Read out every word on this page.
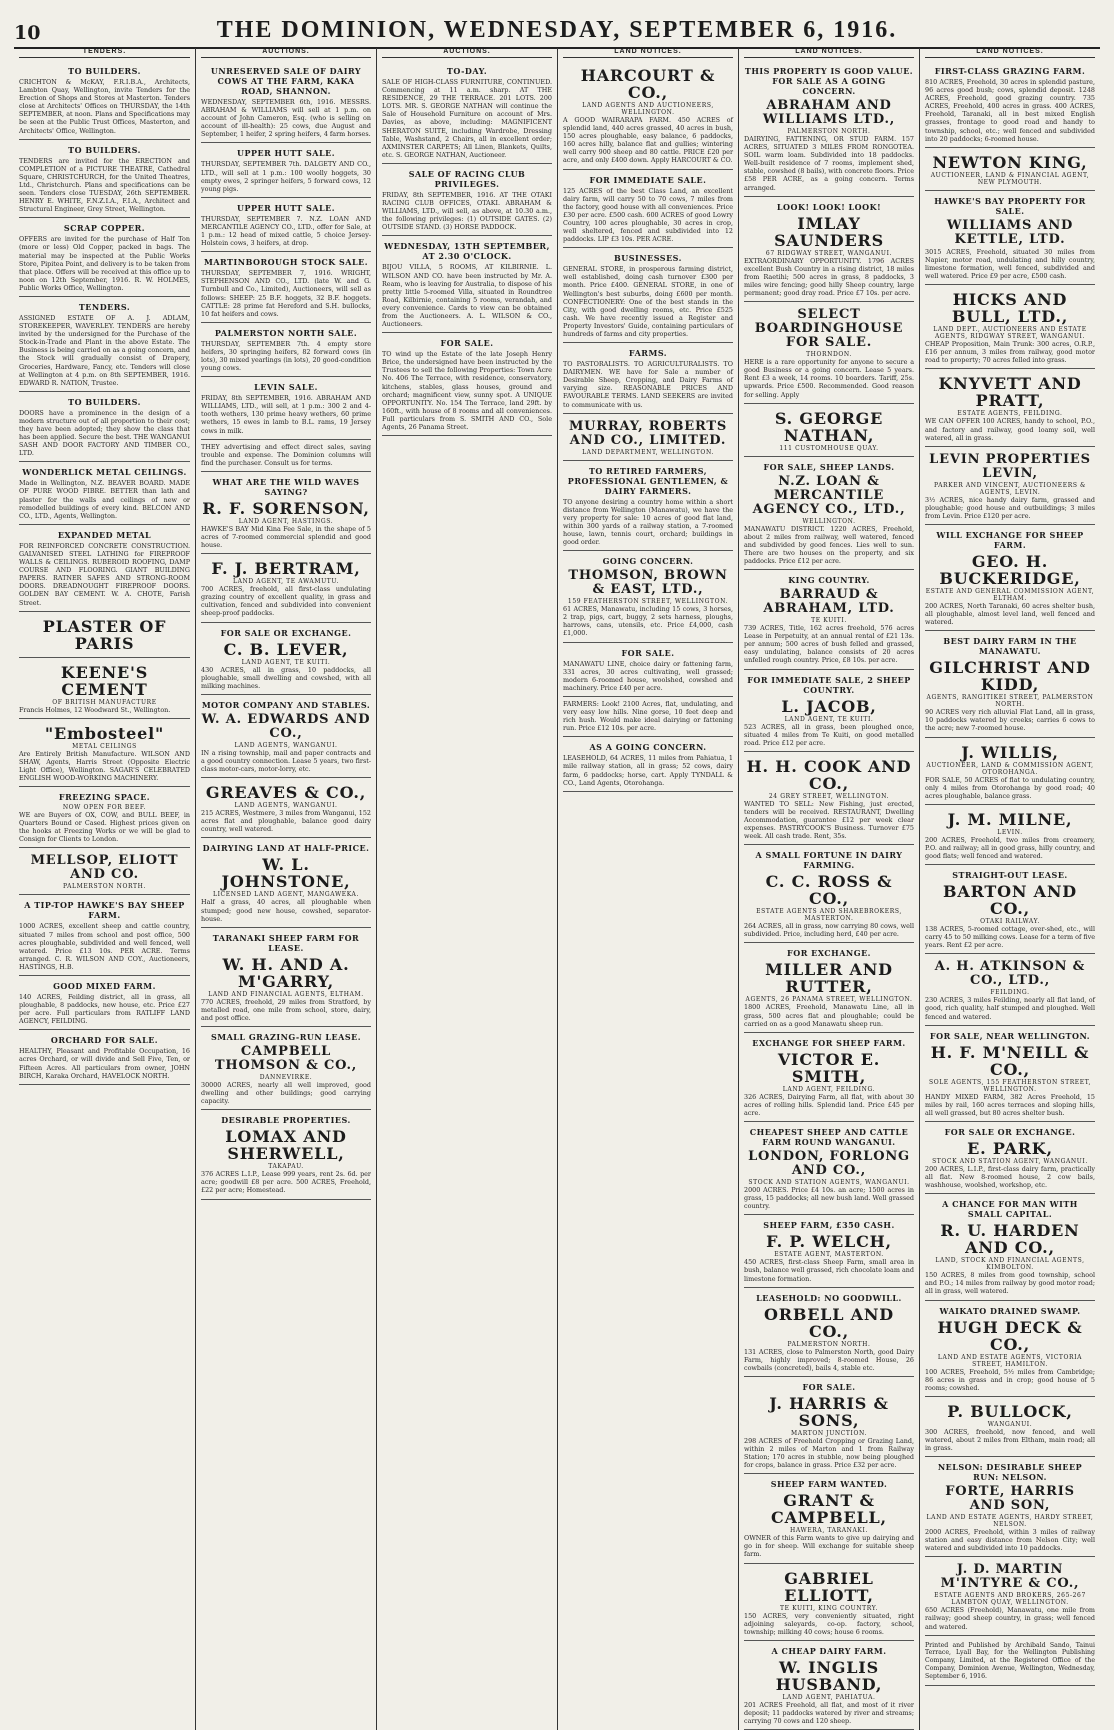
10	THE DOMINION, WEDNESDAY, SEPTEMBER 6, 1916.
TENDERS.
TO BUILDERS.
CRICHTON & McKAY, F.R.I.B.A., Architects, Lambton Quay, Wellington, invite Tenders for the Erection of Shops and Stores at Masterton. Tenders close at Architects' Offices on THURSDAY, the 14th SEPTEMBER, at noon. Plans and Specifications may be seen at the Public Trust Offices, Masterton, and Architects' Office, Wellington.
TO BUILDERS.
TENDERS are invited for the ERECTION and COMPLETION of a PICTURE THEATRE, Cathedral Square, CHRISTCHURCH, for the United Theatres, Ltd., Christchurch. Plans and specifications can be seen. Tenders close TUESDAY, 26th SEPTEMBER. HENRY E. WHITE, F.N.Z.I.A., F.I.A., Architect and Structural Engineer, Grey Street, Wellington.
SCRAP COPPER.
OFFERS are invited for the purchase of Half Ton (more or less) Old Copper, packed in bags. The material may be inspected at the Public Works Store, Pipitea Point, and delivery is to be taken from that place. Offers will be received at this office up to noon on 12th September, 1916. R. W. HOLMES, Public Works Office, Wellington.
TENDERS.
ASSIGNED ESTATE OF A. J. ADLAM, STOREKEEPER, WAVERLEY. TENDERS are hereby invited by the undersigned for the Purchase of the Stock-in-Trade and Plant in the above Estate. The Business is being carried on as a going concern, and the Stock will gradually consist of Drapery, Groceries, Hardware, Fancy, etc. Tenders will close at Wellington at 4 p.m. on 8th SEPTEMBER, 1916. EDWARD R. NATION, Trustee.
TO BUILDERS.
DOORS have a prominence in the design of a modern structure out of all proportion to their cost; they have been adopted; they show the class that has been applied. Secure the best. THE WANGANUI SASH AND DOOR FACTORY AND TIMBER CO., LTD.
WONDERLICK METAL CEILINGS.
Made in Wellington, N.Z. BEAVER BOARD. MADE OF PURE WOOD FIBRE. BETTER than lath and plaster for the walls and ceilings of new or remodelled buildings of every kind. BELCON AND CO., LTD., Agents, Wellington.
EXPANDED METAL
FOR REINFORCED CONCRETE CONSTRUCTION. GALVANISED STEEL LATHING for FIREPROOF WALLS & CEILINGS. RUBEROID ROOFING, DAMP COURSE AND FLOORING. GIANT BUILDING PAPERS. RATNER SAFES AND STRONG-ROOM DOORS. DREADNOUGHT FIREPROOF DOORS. GOLDEN BAY CEMENT. W. A. CHOTE, Farish Street.
PLASTER OF PARIS
KEENE'S CEMENT
OF BRITISH MANUFACTURE
Francis Holmes, 12 Woodward St., Wellington.
"Embosteel"
METAL CEILINGS
Are Entirely British Manufacture. WILSON AND SHAW, Agents, Harris Street (Opposite Electric Light Office), Wellington. SAGAR'S CELEBRATED ENGLISH WOOD-WORKING MACHINERY.
FREEZING SPACE.
NOW OPEN FOR BEEF.
WE are Buyers of OX, COW, and BULL BEEF, in Quarters Bound or Cased. Highest prices given on the hooks at Freezing Works or we will be glad to Consign for Clients to London.
MELLSOP, ELIOTT AND CO.
PALMERSTON NORTH.
A TIP-TOP HAWKE'S BAY SHEEP FARM.
1000 ACRES, excellent sheep and cattle country, situated 7 miles from school and post office, 500 acres ploughable, subdivided and well fenced, well watered. Price £13 10s. PER ACRE. Terms arranged. C. R. WILSON AND COY., Auctioneers, HASTINGS, H.B.
GOOD MIXED FARM.
140 ACRES, Feilding district, all in grass, all ploughable, 8 paddocks, new house, etc. Price £27 per acre. Full particulars from RATLIFF LAND AGENCY, FEILDING.
ORCHARD FOR SALE.
HEALTHY, Pleasant and Profitable Occupation, 16 acres Orchard, or will divide and Sell Five, Ten, or Fifteen Acres. All particulars from owner, JOHN BIRCH, Karaka Orchard, HAVELOCK NORTH.
AUCTIONS.
UNRESERVED SALE OF DAIRY COWS AT THE FARM, KAKA ROAD, SHANNON.
WEDNESDAY, SEPTEMBER 6th, 1916. MESSRS. ABRAHAM & WILLIAMS will sell at 1 p.m. on account of John Cameron, Esq. (who is selling on account of ill-health): 25 cows, due August and September, 1 heifer, 2 spring heifers, 4 farm horses.
UPPER HUTT SALE.
THURSDAY, SEPTEMBER 7th. DALGETY AND CO., LTD., will sell at 1 p.m.: 100 woolly hoggets, 30 empty ewes, 2 springer heifers, 5 forward cows, 12 young pigs.
UPPER HUTT SALE.
THURSDAY, SEPTEMBER 7. N.Z. LOAN AND MERCANTILE AGENCY CO., LTD., offer for Sale, at 1 p.m.: 12 head of mixed cattle, 5 choice Jersey-Holstein cows, 3 heifers, at drop.
MARTINBOROUGH STOCK SALE.
THURSDAY, SEPTEMBER 7, 1916. WRIGHT, STEPHENSON AND CO., LTD. (late W. and G. Turnbull and Co., Limited), Auctioneers, will sell as follows: SHEEP: 25 B.F. hoggets, 32 B.F. hoggets. CATTLE: 28 prime fat Hereford and S.H. bullocks, 10 fat heifers and cows.
PALMERSTON NORTH SALE.
THURSDAY, SEPTEMBER 7th. 4 empty store heifers, 30 springing heifers, 82 forward cows (in lots), 30 mixed yearlings (in lots), 20 good-condition young cows.
LEVIN SALE.
FRIDAY, 8th SEPTEMBER, 1916. ABRAHAM AND WILLIAMS, LTD., will sell, at 1 p.m.: 300 2 and 4-tooth wethers, 130 prime heavy wethers, 60 prime wethers, 15 ewes in lamb to B.L. rams, 19 Jersey cows in milk.
THEY advertising and effect direct sales, saving trouble and expense. The Dominion columns will find the purchaser. Consult us for terms.
WHAT ARE THE WILD WAVES SAYING?
R. F. SORENSON,
LAND AGENT, HASTINGS.
HAWKE'S BAY Mid Kina Fee Sale, in the shape of 5 acres of 7-roomed commercial splendid and good house.
F. J. BERTRAM,
LAND AGENT, TE AWAMUTU.
700 ACRES, freehold, all first-class undulating grazing country of excellent quality, in grass and cultivation, fenced and subdivided into convenient sheep-proof paddocks.
FOR SALE OR EXCHANGE.
C. B. LEVER,
LAND AGENT, TE KUITI.
430 ACRES, all in grass, 10 paddocks, all ploughable, small dwelling and cowshed, with all milking machines.
MOTOR COMPANY AND STABLES.
W. A. EDWARDS AND CO.,
LAND AGENTS, WANGANUI.
IN a rising township, mail and paper contracts and a good country connection. Lease 5 years, two first-class motor-cars, motor-lorry, etc.
GREAVES & CO.,
LAND AGENTS, WANGANUI.
215 ACRES, Westmere, 3 miles from Wanganui, 152 acres flat and ploughable, balance good dairy country, well watered.
DAIRYING LAND AT HALF-PRICE.
W. L. JOHNSTONE,
LICENSED LAND AGENT, MANGAWEKA.
Half a grass, 40 acres, all ploughable when stumped; good new house, cowshed, separator-house.
TARANAKI SHEEP FARM FOR LEASE.
W. H. AND A. M'GARRY,
LAND AND FINANCIAL AGENTS, ELTHAM.
770 ACRES, freehold, 29 miles from Stratford, by metalled road, one mile from school, store, dairy, and post office.
SMALL GRAZING-RUN LEASE.
CAMPBELL THOMSON & CO.,
DANNEVIRKE.
30000 ACRES, nearly all well improved, good dwelling and other buildings; good carrying capacity.
DESIRABLE PROPERTIES.
LOMAX AND SHERWELL,
TAKAPAU.
376 ACRES L.I.P., Lease 999 years, rent 2s. 6d. per acre; goodwill £8 per acre. 500 ACRES, Freehold, £22 per acre; Homestead.
AUCTIONS.
TO-DAY.
SALE OF HIGH-CLASS FURNITURE, CONTINUED. Commencing at 11 a.m. sharp. AT THE RESIDENCE, 29 THE TERRACE. 201 LOTS. 200 LOTS. MR. S. GEORGE NATHAN will continue the Sale of Household Furniture on account of Mrs. Davies, as above, including: MAGNIFICENT SHERATON SUITE, including Wardrobe, Dressing Table, Washstand, 2 Chairs, all in excellent order; AXMINSTER CARPETS; All Linen, Blankets, Quilts, etc. S. GEORGE NATHAN, Auctioneer.
SALE OF RACING CLUB PRIVILEGES.
FRIDAY, 8th SEPTEMBER, 1916. AT THE OTAKI RACING CLUB OFFICES, OTAKI. ABRAHAM & WILLIAMS, LTD., will sell, as above, at 10.30 a.m., the following privileges: (1) OUTSIDE GATES. (2) OUTSIDE STAND. (3) HORSE PADDOCK.
WEDNESDAY, 13TH SEPTEMBER, AT 2.30 O'CLOCK.
BIJOU VILLA, 5 ROOMS, AT KILBIRNIE. L. WILSON AND CO. have been instructed by Mr. A. Ream, who is leaving for Australia, to dispose of his pretty little 5-roomed Villa, situated in Roundtree Road, Kilbirnie, containing 5 rooms, verandah, and every convenience. Cards to view can be obtained from the Auctioneers. A. L. WILSON & CO., Auctioneers.
FOR SALE.
TO wind up the Estate of the late Joseph Henry Brice, the undersigned have been instructed by the Trustees to sell the following Properties: Town Acre No. 406 The Terrace, with residence, conservatory, kitchens, stables, glass houses, ground and orchard; magnificent view, sunny spot. A UNIQUE OPPORTUNITY. No. 154 The Terrace, land 29ft. by 160ft., with house of 8 rooms and all conveniences. Full particulars from S. SMITH AND CO., Sole Agents, 26 Panama Street.
LAND NOTICES.
HARCOURT & CO.,
LAND AGENTS AND AUCTIONEERS, WELLINGTON.
A GOOD WAIRARAPA FARM. 450 ACRES of splendid land, 440 acres grassed, 40 acres in bush, 150 acres ploughable, easy balance, 6 paddocks, 160 acres hilly, balance flat and gullies; wintering well carry 900 sheep and 80 cattle. PRICE £20 per acre, and only £400 down. Apply HARCOURT & CO.
FOR IMMEDIATE SALE.
125 ACRES of the best Class Land, an excellent dairy farm, will carry 50 to 70 cows, 7 miles from the factory, good house with all conveniences. Price £30 per acre. £500 cash. 600 ACRES of good Lowry Country, 100 acres ploughable, 30 acres in crop, well sheltered, fenced and subdivided into 12 paddocks. LIP £3 10s. PER ACRE.
BUSINESSES.
GENERAL STORE, in prosperous farming district, well established, doing cash turnover £300 per month. Price £400. GENERAL STORE, in one of Wellington's best suburbs, doing £600 per month. CONFECTIONERY: One of the best stands in the City, with good dwelling rooms, etc. Price £525 cash. We have recently issued a Register and Property Investors' Guide, containing particulars of hundreds of farms and city properties.
FARMS.
TO PASTORALISTS. TO AGRICULTURALISTS. TO DAIRYMEN. WE have for Sale a number of Desirable Sheep, Cropping, and Dairy Farms of varying size. REASONABLE PRICES AND FAVOURABLE TERMS. LAND SEEKERS are invited to communicate with us.
MURRAY, ROBERTS AND CO., LIMITED.
LAND DEPARTMENT, WELLINGTON.
TO RETIRED FARMERS, PROFESSIONAL GENTLEMEN, & DAIRY FARMERS.
TO anyone desiring a country home within a short distance from Wellington (Manawatu), we have the very property for sale: 10 acres of good flat land, within 300 yards of a railway station, a 7-roomed house, lawn, tennis court, orchard; buildings in good order.
GOING CONCERN.
THOMSON, BROWN & EAST, LTD.,
159 FEATHERSTON STREET, WELLINGTON.
61 ACRES, Manawatu, including 15 cows, 3 horses, 2 trap, pigs, cart, buggy, 2 sets harness, ploughs, harrows, cans, utensils, etc. Price £4,000, cash £1,000.
FOR SALE.
MANAWATU LINE, choice dairy or fattening farm, 331 acres, 30 acres cultivating, well grassed; modern 6-roomed house, woolshed, cowshed and machinery. Price £40 per acre.
FARMERS: Look! 2100 Acres, flat, undulating, and very easy low hills. Nine gorse, 10 feet deep and rich hush. Would make ideal dairying or fattening run. Price £12 10s. per acre.
AS A GOING CONCERN.
LEASEHOLD, 64 ACRES, 11 miles from Pahiatua, 1 mile railway station, all in grass; 52 cows, dairy farm, 6 paddocks; horse, cart. Apply TYNDALL & CO., Land Agents, Otorohanga.
LAND NOTICES.
THIS PROPERTY IS GOOD VALUE. FOR SALE AS A GOING CONCERN.
ABRAHAM AND WILLIAMS LTD.,
PALMERSTON NORTH.
DAIRYING, FATTENING, OR STUD FARM. 157 ACRES, SITUATED 3 MILES FROM RONGOTEA. SOIL warm loam. Subdivided into 18 paddocks. Well-built residence of 7 rooms, implement shed, stable, cowshed (8 bails), with concrete floors. Price £58 PER ACRE, as a going concern. Terms arranged.
LOOK! LOOK! LOOK!
IMLAY SAUNDERS
67 RIDGWAY STREET, WANGANUI.
EXTRAORDINARY OPPORTUNITY. 1796 ACRES excellent Bush Country in a rising district, 18 miles from Raetihi; 500 acres in grass, 8 paddocks, 3 miles wire fencing; good hilly Sheep country, large permanent; good dray road. Price £7 10s. per acre.
SELECT BOARDINGHOUSE FOR SALE.
THORNDON.
HERE is a rare opportunity for anyone to secure a good Business or a going concern. Lease 5 years. Rent £3 a week, 14 rooms. 10 boarders. Tariff, 25s. upwards. Price £500. Recommended. Good reason for selling. Apply
S. GEORGE NATHAN,
111 CUSTOMHOUSE QUAY.
FOR SALE, SHEEP LANDS.
N.Z. LOAN & MERCANTILE AGENCY CO., LTD.,
WELLINGTON.
MANAWATU DISTRICT. 1220 ACRES, Freehold, about 2 miles from railway, well watered, fenced and subdivided by good fences. Lies well to sun. There are two houses on the property, and six paddocks. Price £12 per acre.
KING COUNTRY.
BARRAUD & ABRAHAM, LTD.
TE KUITI.
739 ACRES, Title, 162 acres freehold, 576 acres Lease in Perpetuity, at an annual rental of £21 13s. per annum; 500 acres of bush felled and grassed, easy undulating, balance consists of 20 acres unfelled rough country. Price, £8 10s. per acre.
FOR IMMEDIATE SALE, 2 SHEEP COUNTRY.
L. JACOB,
LAND AGENT, TE KUITI.
523 ACRES, all in grass, been ploughed once, situated 4 miles from Te Kuiti, on good metalled road. Price £12 per acre.
H. H. COOK AND CO.,
24 GREY STREET, WELLINGTON.
WANTED TO SELL: New Fishing, just erected, tenders will be received. RESTAURANT, Dwelling Accommodation, guarantee £12 per week clear expenses. PASTRYCOOK'S Business. Turnover £75 week. All cash trade. Rent, 35s.
A SMALL FORTUNE IN DAIRY FARMING.
C. C. ROSS & CO.,
ESTATE AGENTS AND SHAREBROKERS, MASTERTON.
264 ACRES, all in grass, now carrying 80 cows, well subdivided. Price, including herd, £40 per acre.
FOR EXCHANGE.
MILLER AND RUTTER,
AGENTS, 26 PANAMA STREET, WELLINGTON.
1800 ACRES, Freehold, Manawatu Line, all in grass, 500 acres flat and ploughable; could be carried on as a good Manawatu sheep run.
EXCHANGE FOR SHEEP FARM.
VICTOR E. SMITH,
LAND AGENT, FEILDING.
326 ACRES, Dairying Farm, all flat, with about 30 acres of rolling hills. Splendid land. Price £45 per acre.
CHEAPEST SHEEP AND CATTLE FARM ROUND WANGANUI.
LONDON, FORLONG AND CO.,
STOCK AND STATION AGENTS, WANGANUI.
2000 ACRES. Price £4 10s. an acre; 1500 acres in grass, 15 paddocks; all new bush land. Well grassed country.
SHEEP FARM, £350 CASH.
F. P. WELCH,
ESTATE AGENT, MASTERTON.
450 ACRES, first-class Sheep Farm, small area in bush, balance well grassed, rich chocolate loam and limestone formation.
LEASEHOLD: NO GOODWILL.
ORBELL AND CO.,
PALMERSTON NORTH.
131 ACRES, close to Palmerston North, good Dairy Farm, highly improved; 8-roomed House, 26 cowbails (concreted), bails 4, stable etc.
FOR SALE.
J. HARRIS & SONS,
MARTON JUNCTION.
298 ACRES of Freehold Cropping or Grazing Land, within 2 miles of Marton and 1 from Railway Station; 170 acres in stubble, now being ploughed for crops, balance in grass. Price £32 per acre.
SHEEP FARM WANTED.
GRANT & CAMPBELL,
HAWERA, TARANAKI.
OWNER of this Farm wants to give up dairying and go in for sheep. Will exchange for suitable sheep farm.
GABRIEL ELLIOTT,
TE KUITI, KING COUNTRY.
150 ACRES, very conveniently situated, right adjoining saleyards, co-op. factory, school, township; milking 40 cows; house 6 rooms.
A CHEAP DAIRY FARM.
W. INGLIS HUSBAND,
LAND AGENT, PAHIATUA.
201 ACRES Freehold, all flat, and most of it river deposit; 11 paddocks watered by river and streams; carrying 70 cows and 120 sheep.
LAND NOTICES.
FIRST-CLASS GRAZING FARM.
810 ACRES, Freehold, 30 acres in splendid pasture, 96 acres good bush; cows, splendid deposit. 1248 ACRES, Freehold, good grazing country. 735 ACRES, Freehold, 400 acres in grass. 400 ACRES, Freehold, Taranaki, all in best mixed English grasses, frontage to good road and handy to township, school, etc.; well fenced and subdivided into 20 paddocks; 6-roomed house.
NEWTON KING,
AUCTIONEER, LAND & FINANCIAL AGENT, NEW PLYMOUTH.
HAWKE'S BAY PROPERTY FOR SALE.
WILLIAMS AND KETTLE, LTD.
3015 ACRES, Freehold, situated 30 miles from Napier, motor road, undulating and hilly country, limestone formation, well fenced, subdivided and well watered. Price £9 per acre, £500 cash.
HICKS AND BULL, LTD.,
LAND DEPT., AUCTIONEERS AND ESTATE AGENTS, RIDGWAY STREET, WANGANUI.
CHEAP Proposition, Main Trunk: 300 acres, O.R.P., £16 per annum, 3 miles from railway, good motor road to property; 70 acres felled into grass.
KNYVETT AND PRATT,
ESTATE AGENTS, FEILDING.
WE CAN OFFER 100 ACRES, handy to school, P.O., and factory and railway, good loamy soil, well watered, all in grass.
LEVIN PROPERTIES LEVIN,
PARKER AND VINCENT, AUCTIONEERS & AGENTS, LEVIN.
3½ ACRES, nice handy dairy farm, grassed and ploughable; good house and outbuildings; 3 miles from Levin. Price £120 per acre.
WILL EXCHANGE FOR SHEEP FARM.
GEO. H. BUCKERIDGE,
ESTATE AND GENERAL COMMISSION AGENT, ELTHAM.
200 ACRES, North Taranaki, 60 acres shelter bush, all ploughable, almost level land, well fenced and watered.
BEST DAIRY FARM IN THE MANAWATU.
GILCHRIST AND KIDD,
AGENTS, RANGITIKEI STREET, PALMERSTON NORTH.
90 ACRES very rich alluvial Flat Land, all in grass, 10 paddocks watered by creeks; carries 6 cows to the acre; new 7-roomed house.
J. WILLIS,
AUCTIONEER, LAND & COMMISSION AGENT, OTOROHANGA.
FOR SALE, 50 ACRES of flat to undulating country, only 4 miles from Otorohanga by good road; 40 acres ploughable, balance grass.
J. M. MILNE,
LEVIN.
200 ACRES, Freehold, two miles from creamery, P.O. and railway; all in good grass, hilly country, and good flats; well fenced and watered.
STRAIGHT-OUT LEASE.
BARTON AND CO.,
OTAKI RAILWAY.
138 ACRES, 5-roomed cottage, over-shed, etc., will carry 45 to 50 milking cows. Lease for a term of five years. Rent £2 per acre.
A. H. ATKINSON & CO., LTD.,
FEILDING.
230 ACRES, 3 miles Feilding, nearly all flat land, of good, rich quality, half stumped and ploughed. Well fenced and watered.
FOR SALE, NEAR WELLINGTON.
H. F. M'NEILL & CO.,
SOLE AGENTS, 155 FEATHERSTON STREET, WELLINGTON.
HANDY MIXED FARM, 382 Acres Freehold, 15 miles by rail, 160 acres terraces and sloping hills, all well grassed, but 80 acres shelter bush.
FOR SALE OR EXCHANGE.
E. PARK,
STOCK AND STATION AGENT, WANGANUI.
200 ACRES, L.I.P., first-class dairy farm, practically all flat. New 8-roomed house, 2 cow bails, washhouse, woolshed, workshop, etc.
A CHANCE FOR MAN WITH SMALL CAPITAL.
R. U. HARDEN AND CO.,
LAND, STOCK AND FINANCIAL AGENTS, KIMBOLTON.
150 ACRES, 8 miles from good township, school and P.O.; 14 miles from railway by good motor road; all in grass, well watered.
WAIKATO DRAINED SWAMP.
HUGH DECK & CO.,
LAND AND ESTATE AGENTS, VICTORIA STREET, HAMILTON.
100 ACRES, Freehold, 5½ miles from Cambridge; 86 acres in grass and in crop; good house of 5 rooms; cowshed.
P. BULLOCK,
WANGANUI.
300 ACRES, freehold, now fenced, and well watered, about 2 miles from Eltham, main road; all in grass.
NELSON: DESIRABLE SHEEP RUN: NELSON.
FORTE, HARRIS AND SON,
LAND AND ESTATE AGENTS, HARDY STREET, NELSON.
2000 ACRES, Freehold, within 3 miles of railway station and easy distance from Nelson City; well watered and subdivided into 10 paddocks.
J. D. MARTIN M'INTYRE & CO.,
ESTATE AGENTS AND BROKERS, 265-267 LAMBTON QUAY, WELLINGTON.
650 ACRES (Freehold), Manawatu, one mile from railway; good sheep country, in grass; well fenced and watered.
Printed and Published by Archibald Sando, Tainui Terrace, Lyall Bay, for the Wellington Publishing Company, Limited, at the Registered Office of the Company, Dominion Avenue, Wellington, Wednesday, September 6, 1916.
